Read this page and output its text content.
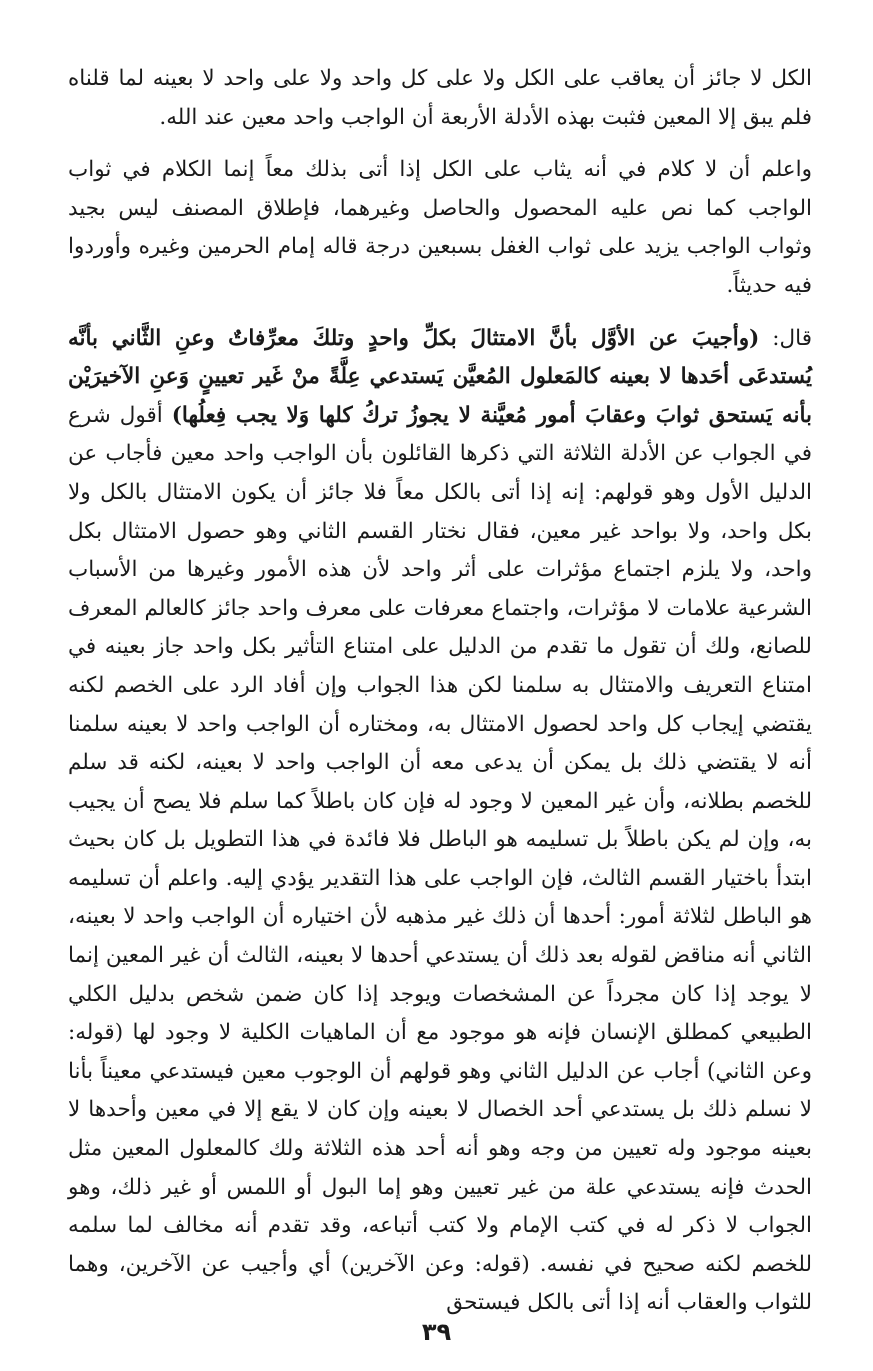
الكل لا جائز أن يعاقب على الكل ولا على كل واحد ولا على واحد لا بعينه لما قلناه فلم يبق إلا المعين فثبت بهذه الأدلة الأربعة أن الواجب واحد معين عند الله.

واعلم أن لا كلام في أنه يثاب على الكل إذا أتى بذلك معاً إنما الكلام في ثواب الواجب كما نص عليه المحصول والحاصل وغيرهما، فإطلاق المصنف ليس بجيد وثواب الواجب يزيد على ثواب الغفل بسبعين درجة قاله إمام الحرمين وغيره وأوردوا فيه حديثاً.

قال: (وأجيبَ عن الأوَّل بأنَّ الامتثالَ بكلِّ واحدٍ وتلكَ معرِّفاتٌ وعنِ الثَّاني بأنَّه يُستدعَى أحَدها لا بعينه كالمَعلول المُعيَّن يَستدعي عِلَّةً منْ غَير تعيينٍ وَعنِ الآخيرَيْن بأنه يَستحق ثوابَ وعقابَ أمور مُعيَّنة لا يجوزُ تركُ كلها وَلا يجب فِعلُها) أقول شرع في الجواب عن الأدلة الثلاثة التي ذكرها القائلون بأن الواجب واحد معين فأجاب عن الدليل الأول وهو قولهم: إنه إذا أتى بالكل معاً فلا جائز أن يكون الامتثال بالكل ولا بكل واحد، ولا بواحد غير معين، فقال نختار القسم الثاني وهو حصول الامتثال بكل واحد، ولا يلزم اجتماع مؤثرات على أثر واحد لأن هذه الأمور وغيرها من الأسباب الشرعية علامات لا مؤثرات، واجتماع معرفات على معرف واحد جائز كالعالم المعرف للصانع، ولك أن تقول ما تقدم من الدليل على امتناع التأثير بكل واحد جاز بعينه في امتناع التعريف والامتثال به سلمنا لكن هذا الجواب وإن أفاد الرد على الخصم لكنه يقتضي إيجاب كل واحد لحصول الامتثال به، ومختاره أن الواجب واحد لا بعينه سلمنا أنه لا يقتضي ذلك بل يمكن أن يدعى معه أن الواجب واحد لا بعينه، لكنه قد سلم للخصم بطلانه، وأن غير المعين لا وجود له فإن كان باطلاً كما سلم فلا يصح أن يجيب به، وإن لم يكن باطلاً بل تسليمه هو الباطل فلا فائدة في هذا التطويل بل كان بحيث ابتدأ باختيار القسم الثالث، فإن الواجب على هذا التقدير يؤدي إليه. واعلم أن تسليمه هو الباطل لثلاثة أمور: أحدها أن ذلك غير مذهبه لأن اختياره أن الواجب واحد لا بعينه، الثاني أنه مناقض لقوله بعد ذلك أن يستدعي أحدها لا بعينه، الثالث أن غير المعين إنما لا يوجد إذا كان مجرداً عن المشخصات ويوجد إذا كان ضمن شخص بدليل الكلي الطبيعي كمطلق الإنسان فإنه هو موجود مع أن الماهيات الكلية لا وجود لها (قوله: وعن الثاني) أجاب عن الدليل الثاني وهو قولهم أن الوجوب معين فيستدعي معيناً بأنا لا نسلم ذلك بل يستدعي أحد الخصال لا بعينه وإن كان لا يقع إلا في معين وأحدها لا بعينه موجود وله تعيين من وجه وهو أنه أحد هذه الثلاثة ولك كالمعلول المعين مثل الحدث فإنه يستدعي علة من غير تعيين وهو إما البول أو اللمس أو غير ذلك، وهو الجواب لا ذكر له في كتب الإمام ولا كتب أتباعه، وقد تقدم أنه مخالف لما سلمه للخصم لكنه صحيح في نفسه. (قوله: وعن الآخرين) أي وأجيب عن الآخرين، وهما للثواب والعقاب أنه إذا أتى بالكل فيستحق

٣٩
